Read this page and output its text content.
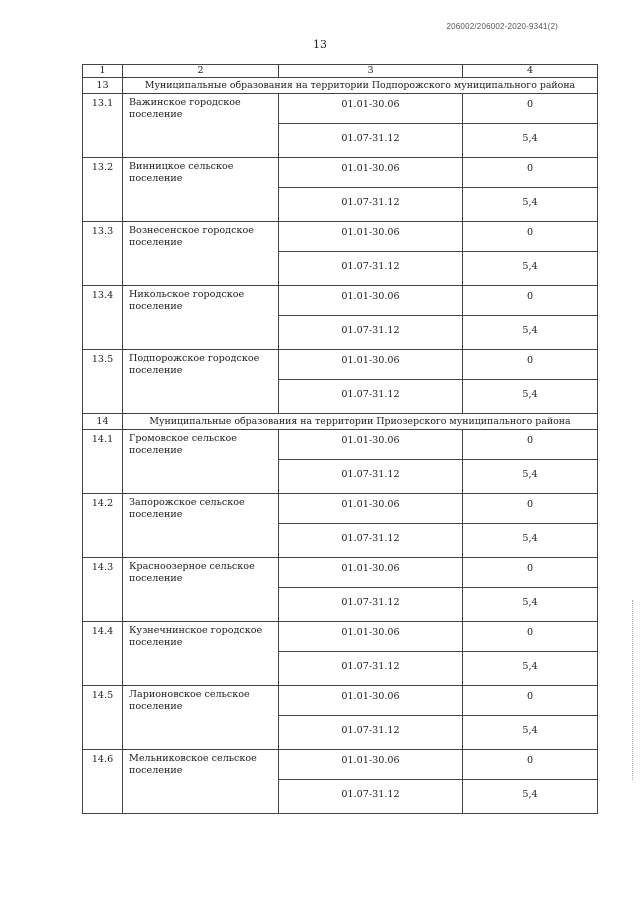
206002/206002-2020-9341(2)
13
1	2	3	4
13	Муниципальные образования на территории Подпорожского муниципального района		
13.1	Важинское городское поселение	01.01-30.06	0
		01.07-31.12	5,4
13.2	Винницкое сельское поселение	01.01-30.06	0
		01.07-31.12	5,4
13.3	Вознесенское городское поселение	01.01-30.06	0
		01.07-31.12	5,4
13.4	Никольское городское поселение	01.01-30.06	0
		01.07-31.12	5,4
13.5	Подпорожское городское поселение	01.01-30.06	0
		01.07-31.12	5,4
14	Муниципальные образования на территории Приозерского муниципального района		
14.1	Громовское сельское поселение	01.01-30.06	0
		01.07-31.12	5,4
14.2	Запорожское сельское поселение	01.01-30.06	0
		01.07-31.12	5,4
14.3	Красноозерное сельское поселение	01.01-30.06	0
		01.07-31.12	5,4
14.4	Кузнечнинское городское поселение	01.01-30.06	0
		01.07-31.12	5,4
14.5	Ларионовское сельское поселение	01.01-30.06	0
		01.07-31.12	5,4
14.6	Мельниковское сельское поселение	01.01-30.06	0
		01.07-31.12	5,4
